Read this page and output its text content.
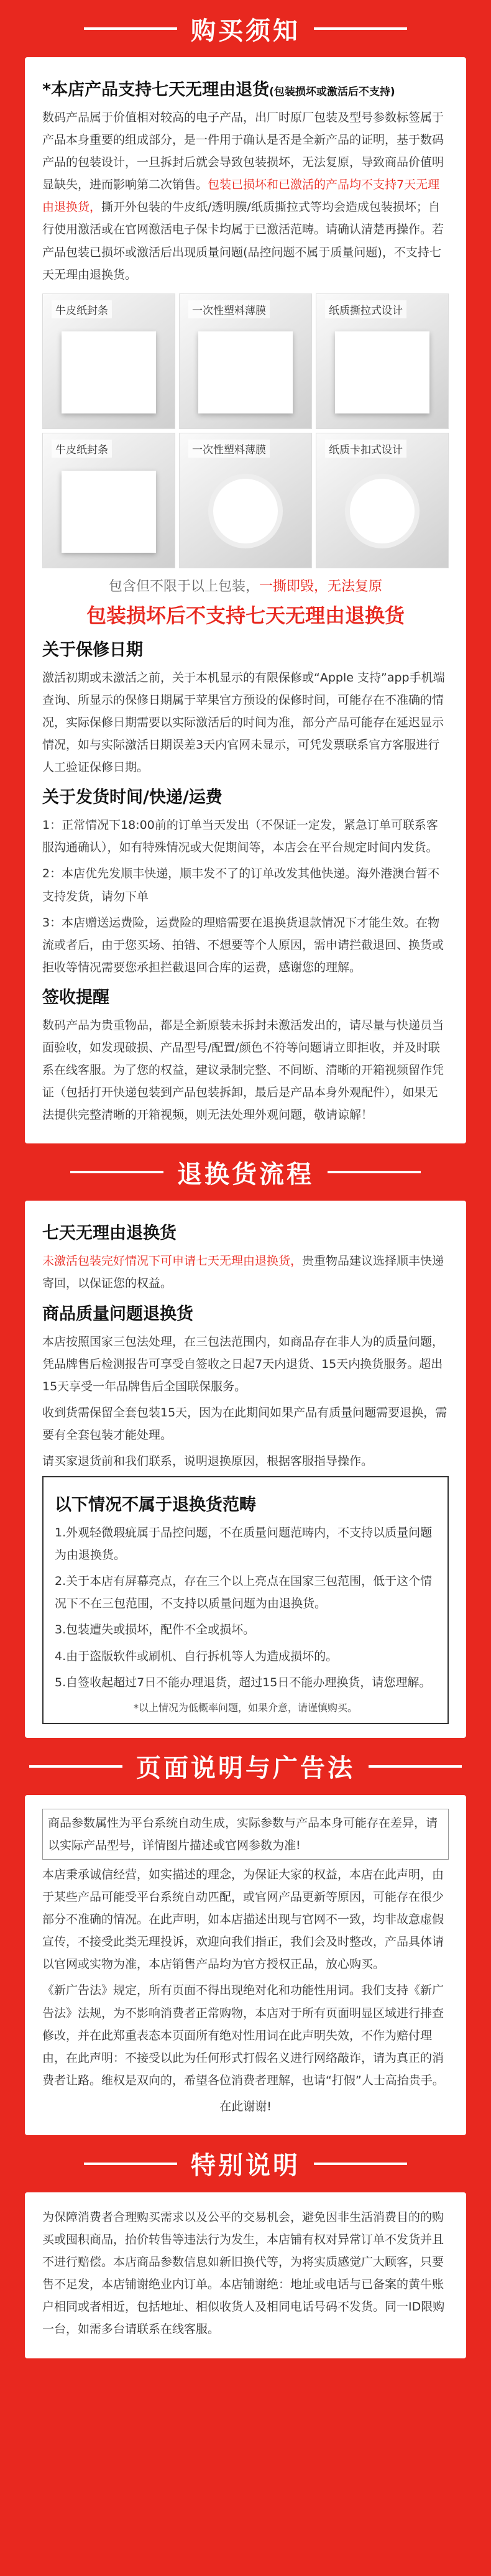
购买须知
*本店产品支持七天无理由退货(包装损坏或激活后不支持)

数码产品属于价值相对较高的电子产品，出厂时原厂包装及型号参数标签属于产品本身重要的组成部分，是一件用于确认是否是全新产品的证明，基于数码产品的包装设计，一旦拆封后就会导致包装损坏，无法复原，导致商品价值明显缺失，进而影响第二次销售。包装已损坏和已激活的产品均不支持7天无理由退换货，撕开外包装的牛皮纸/透明膜/纸质撕拉式等均会造成包装损坏；自行使用激活或在官网激活电子保卡均属于已激活范畴。请确认清楚再操作。若产品包装已损坏或激活后出现质量问题(品控问题不属于质量问题)，不支持七天无理由退换货。

牛皮纸封条	一次性塑料薄膜	纸质撕拉式设计
牛皮纸封条	一次性塑料薄膜	纸质卡扣式设计
包含但不限于以上包装，一撕即毁，无法复原
包装损坏后不支持七天无理由退换货
关于保修日期

激活初期或未激活之前，关于本机显示的有限保修或“Apple 支持”app手机端查询、所显示的保修日期属于苹果官方预设的保修时间，可能存在不准确的情况，实际保修日期需要以实际激活后的时间为准，部分产品可能存在延迟显示情况，如与实际激活日期误差3天内官网未显示，可凭发票联系官方客服进行人工验证保修日期。

关于发货时间/快递/运费

1：正常情况下18:00前的订单当天发出（不保证一定发，紧急订单可联系客服沟通确认），如有特殊情况或大促期间等，本店会在平台规定时间内发货。

2：本店优先发顺丰快递，顺丰发不了的订单改发其他快递。海外港澳台暂不支持发货，请勿下单

3：本店赠送运费险，运费险的理赔需要在退换货退款情况下才能生效。在物流或者后，由于您买场、拍错、不想要等个人原因，需申请拦截退回、换货或拒收等情况需要您承担拦截退回合库的运费，感谢您的理解。

签收提醒

数码产品为贵重物品，都是全新原装未拆封未激活发出的，请尽量与快递员当面验收，如发现破损、产品型号/配置/颜色不符等问题请立即拒收，并及时联系在线客服。为了您的权益，建议录制完整、不间断、清晰的开箱视频留作凭证（包括打开快递包装到产品包装拆卸，最后是产品本身外观配件），如果无法提供完整清晰的开箱视频，则无法处理外观问题，敬请谅解！

退换货流程
七天无理由退换货

未激活包装完好情况下可申请七天无理由退换货，贵重物品建议选择顺丰快递寄回，以保证您的权益。

商品质量问题退换货

本店按照国家三包法处理，在三包法范围内，如商品存在非人为的质量问题，凭品牌售后检测报告可享受自签收之日起7天内退货、15天内换货服务。超出15天享受一年品牌售后全国联保服务。

收到货需保留全套包装15天，因为在此期间如果产品有质量问题需要退换，需要有全套包装才能处理。

请买家退货前和我们联系，说明退换原因，根据客服指导操作。

以下情况不属于退换货范畴

1.外观轻微瑕疵属于品控问题，不在质量问题范畴内，不支持以质量问题为由退换货。

2.关于本店有屏幕亮点，存在三个以上亮点在国家三包范围，低于这个情况下不在三包范围，不支持以质量问题为由退换货。

3.包装遭失或损坏，配件不全或损坏。

4.由于盗版软件或刷机、自行拆机等人为造成损坏的。

5.自签收起超过7日不能办理退货，超过15日不能办理换货，请您理解。

*以上情况为低概率问题，如果介意，请谨慎购买。
页面说明与广告法

商品参数属性为平台系统自动生成，实际参数与产品本身可能存在差异，请以实际产品型号，详情图片描述或官网参数为准!

本店秉承诚信经营，如实描述的理念，为保证大家的权益，本店在此声明，由于某些产品可能受平台系统自动匹配，或官网产品更新等原因，可能存在很少部分不准确的情况。在此声明，如本店描述出现与官网不一致，均非故意虚假宣传，不接受此类无理投诉，欢迎向我们指正，我们会及时整改，产品具体请以官网或实物为准，本店销售产品均为官方授权正品，放心购买。

《新广告法》规定，所有页面不得出现绝对化和功能性用词。我们支持《新广告法》法规，为不影响消费者正常购物，本店对于所有页面明显区域进行排查修改，并在此郑重表态本页面所有绝对性用词在此声明失效，不作为赔付理由，在此声明：不接受以此为任何形式打假名义进行网络敲诈，请为真正的消费者让路。维权是双向的，希望各位消费者理解，也请“打假”人士高抬贵手。

在此谢谢!

特别说明

为保障消费者合理购买需求以及公平的交易机会，避免因非生活消费目的的购买或囤积商品，抬价转售等违法行为发生，本店铺有权对异常订单不发货并且不进行赔偿。本店商品参数信息如新旧换代等，为将实质感觉广大顾客，只要售不足发，本店铺谢绝业内订单。本店铺谢绝：地址或电话与已备案的黄牛账户相同或者相近，包括地址、相似收货人及相同电话号码不发货。同一ID限购一台，如需多台请联系在线客服。
